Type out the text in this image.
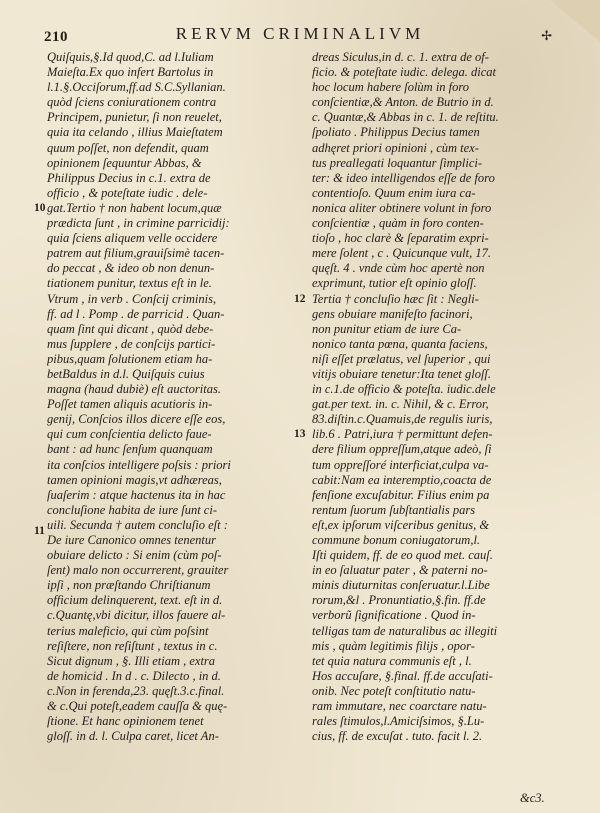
210	RERVM CRIMINALIVM	✢
Quiſquis,§.Id quod,C. ad l.Iuliam
Maieſta.Ex quo infert Bartolus in
l.1.§.Occiſorum,ff.ad S.C.Syllanian.
quòd ſciens coniurationem contra
Principem, punietur, ſi non reuelet,
quia ita celando , illius Maieſtatem
quum poſſet, non defendit, quam
opinionem ſequuntur Abbas, &
Philippus Decius in c.1. extra de
officio , & poteſtate iudic . dele-
gat.Tertio † non habent locum,quæ
prædicta ſunt , in crimine parricidij:
quia ſciens aliquem velle occidere
patrem aut filium,grauiſsimè tacen-
do peccat , & ideo ob non denun-
tiationem punitur, textus eſt in le.
Vtrum , in verb . Conſcij criminis,
ff. ad l . Pomp . de parricid . Quan-
quam ſint qui dicant , quòd debe-
mus ſupplere , de conſcijs partici-
pibus,quam ſolutionem etiam ha-
betBaldus in d.l. Quiſquis cuius
magna (haud dubiè) eſt auctoritas.
Poſſet tamen aliquis acutioris in-
genij, Conſcios illos dicere eſſe eos,
qui cum conſcientia delicto faue-
bant : ad hunc ſenſum quanquam
ita conſcios intelligere poſsis : priori
tamen opinioni magis,vt adhæreas,
ſuaſerim : atque hactenus ita in hac
concluſione habita de iure ſunt ci-
uili. Secunda † autem concluſio eſt :
De iure Canonico omnes tenentur
obuiare delicto : Si enim (cùm poſ-
ſent) malo non occurrerent, grauiter
ipſi , non præſtando Chriſtianum
officium delinquerent, text. eſt in d.
c.Quantę,vbi dicitur, illos fauere al-
terius maleficio, qui cùm poſsint
reſiſtere, non reſiſtunt , textus in c.
Sicut dignum , §. Illi etiam , extra
de homicid . In d . c. Dilecto , in d.
c.Non in ferenda,23. quęſt.3.c.final.
& c.Qui poteſt,eadem cauſſa & quę-
ſtione. Et hanc opinionem tenet
gloſſ. in d. l. Culpa caret, licet An-
dreas Siculus,in d. c. 1. extra de of-
ficio. & poteſtate iudic. delega. dicat
hoc locum habere ſolùm in foro
conſcientiæ,& Anton. de Butrio in d.
c. Quantæ,& Abbas in c. 1. de reſtitu.
ſpoliato . Philippus Decius tamen
adhęret priori opinioni , cùm tex-
tus preallegati loquantur ſimplici-
ter: & ideo intelligendos eſſe de foro
contentioſo. Quum enim iura ca-
nonica aliter obtinere volunt in foro
conſcientiæ , quàm in foro conten-
tioſo , hoc clarè & ſeparatim expri-
mere ſolent , c . Quicunque vult, 17.
quęſt. 4 . vnde cùm hoc apertè non
exprimunt, tutior eſt opinio gloſſ.
Tertia † concluſio hæc ſit : Negli-
gens obuiare manifeſto facinori,
non punitur etiam de iure Ca-
nonico tanta pœna, quanta faciens,
niſi eſſet prælatus, vel ſuperior , qui
vitijs obuiare tenetur:Ita tenet gloſſ.
in c.1.de officio & poteſta. iudic.dele
gat.per text. in. c. Nihil, & c. Error,
83.diſtin.c.Quamuis,de regulis iuris,
lib.6 . Patri,iura † permittunt defen-
dere filium oppreſſum,atque adeò, ſi
tum oppreſſoré interficiat,culpa va-
cabit:Nam ea interemptio,coacta de
fenſione excuſabitur. Filius enim pa
rentum ſuorum ſubſtantialis pars
eſt,ex ipſorum viſceribus genitus, &
commune bonum coniugatorum,l.
Iſti quidem, ff. de eo quod met. cauſ.
in eo ſaluatur pater , & paterni no-
minis diuturnitas conſeruatur.l.Libe
rorum,&l . Pronuntiatio,§.fin. ff.de
verborũ ſignificatione . Quod in-
telligas tam de naturalibus ac illegiti
mis , quàm legitimis filijs , opor-
tet quia natura communis eſt , l.
Hos accuſare, §.final. ff.de accuſati-
onib. Nec poteſt conſtitutio natu-
ram immutare, nec coarctare natu-
rales ſtimulos,l.Amiciſsimos, §.Lu-
cius, ff. de excuſat . tuto. facit l. 2.
10
11
12
13
&c3.
